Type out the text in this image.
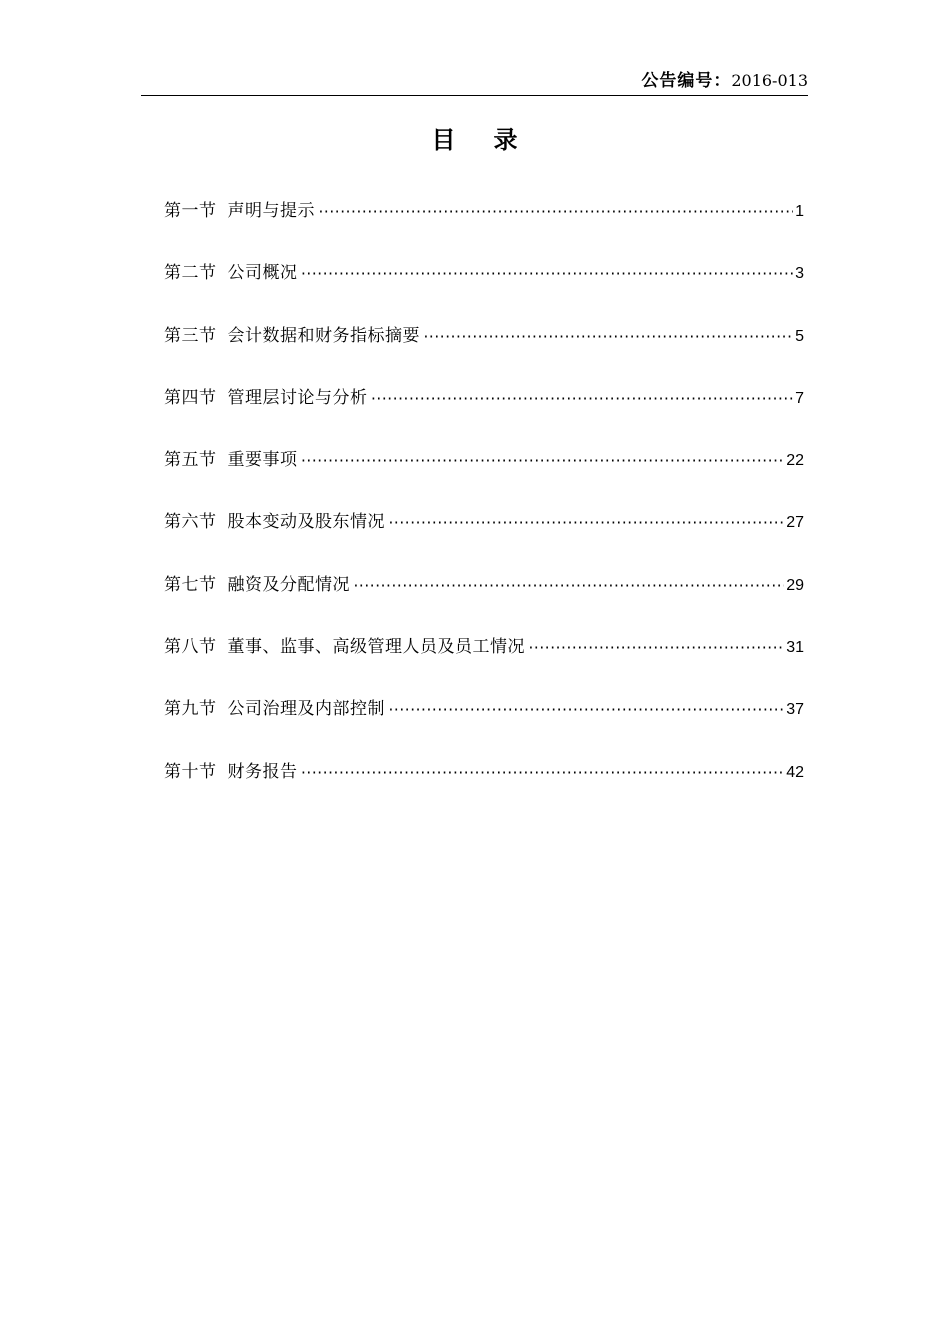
公告编号：2016-013
目录
第一节 声明与提示 ·····	1
第二节 公司概况 ·····	3
第三节 会计数据和财务指标摘要 ·····	5
第四节 管理层讨论与分析 ·····	7
第五节 重要事项 ·····	22
第六节 股本变动及股东情况 ·····	27
第七节 融资及分配情况 ·····	29
第八节 董事、监事、高级管理人员及员工情况 ·····	31
第九节 公司治理及内部控制 ·····	37
第十节 财务报告 ·····	42
